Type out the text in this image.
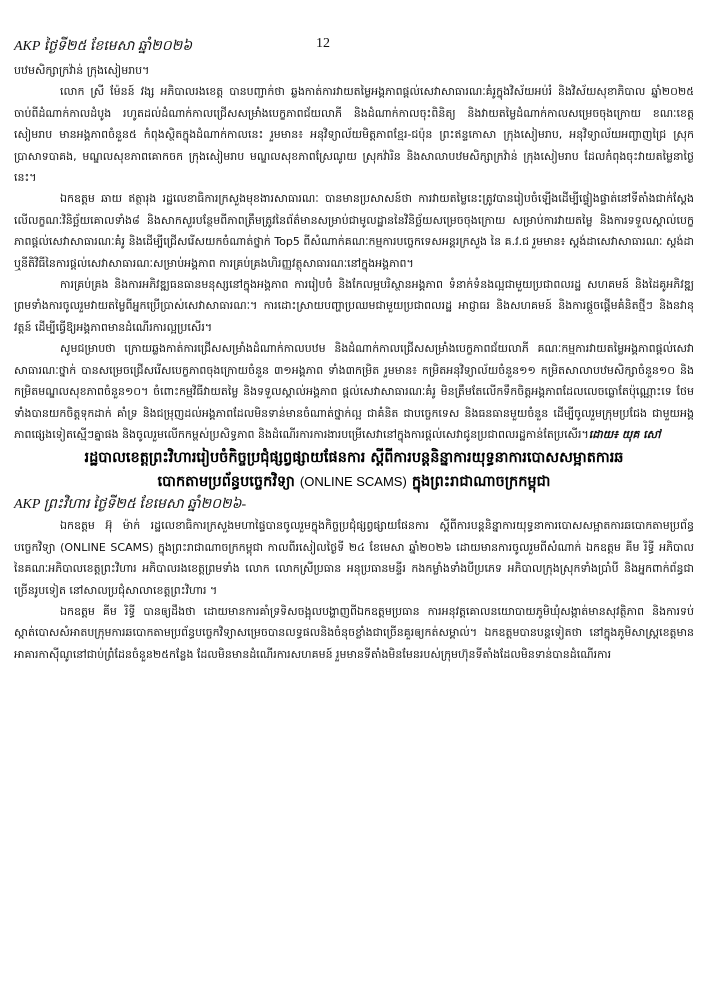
AKP ថ្ងៃទី២៥ ខែមេសា ឆ្នាំ២០២៦	12

បឋមសិក្សាក្រវ៉ាន់ ក្រុងសៀមរាប។

លោក ស្រី ម៉ែនន៍ វង្ស អភិបាលរងខេត្ត បានបញ្ជាក់ថា ឆ្លងកាត់ការវាយតម្លៃអង្គភាពផ្តល់សេវាសាធារណៈគំរូក្នុងវិស័យអប់រំ និងវិស័យសុខាភិបាល ឆ្នាំ២០២៥ ចាប់ពីដំណាក់កាលដំបូង រហូតដល់ដំណាក់កាលជ្រើសសម្រាំងបេក្ខភាពជ័យលាភី និងដំណាក់កាលចុះពិនិត្យ និងវាយតម្លៃដំណាក់កាលសម្រេចចុងក្រោយ ខណៈខេត្តសៀមរាប មានអង្គភាពចំនួន៥ កំពុងស្ថិតក្នុងដំណាក់កាលនេះ រួមមាន៖ អនុវិទ្យាល័យមិត្តភាពខ្មែរ-ជប៉ុន ព្រះឥន្ទកោសា ក្រុងសៀមរាប, អនុវិទ្យាល័យអញ្ចាញជ្រៃ ស្រុកប្រាសាទបាគង, មណ្ឌលសុខភាពគោកចក ក្រុងសៀមរាប មណ្ឌលសុខភាពស្រែណូយ ស្រុកវ៉ារិន និងសាលាបឋមសិក្សាក្រវ៉ាន់ ក្រុងសៀមរាប ដែលកំពុងចុះវាយតម្លៃនាថ្ងៃនេះ។

ឯកឧត្តម ឆាយ ឥត្ថារុង រដ្ឋលេខាធិការក្រសួងមុខងារសាធារណៈ បានមានប្រសាសន៍ថា ការវាយតម្លៃនេះត្រូវបានរៀបចំឡើងដើម្បីផ្ទៀងផ្ទាត់នៅទីតាំងជាក់ស្តែង លើលក្ខណៈវិនិច្ឆ័យគោលទាំង៨ និងសាកសួរបន្ថែមពីភាពត្រឹមត្រូវនៃព័ត៌មានសម្រាប់ជាមូលដ្ឋាននៃវិនិច្ឆ័យសម្រេចចុងក្រោយ សម្រាប់ការវាយតម្លៃ និងការទទួលស្គាល់បេក្ខភាពផ្តល់សេវាសាធារណៈគំរូ និងដើម្បីជ្រើសរើសយកចំណាត់ថ្នាក់ Top5 ពីសំណាក់គណៈកម្មការបច្ចេកទេសអន្តរក្រសួង នៃ គ.វ.ជ រួមមាន៖ ស្តង់ដាសេវាសាធារណៈ ស្តង់ដា ឬនីតិវិធីនៃការផ្តល់សេវាសាធារណៈសម្រាប់អង្គភាព ការគ្រប់គ្រងហិរញ្ញវត្ថុសាធារណៈនៅក្នុងអង្គភាព។

ការគ្រប់គ្រង និងការអភិវឌ្ឍធនធានមនុស្សនៅក្នុងអង្គភាព ការរៀបចំ និងកែលម្អបរិស្ថានអង្គភាព ទំនាក់ទំនងល្អជាមួយប្រជាពលរដ្ឋ សហគមន៍ និងដៃគូអភិវឌ្ឍ ព្រមទាំងការចូលរួមវាយតម្លៃពីអ្នកប្រើប្រាស់សេវាសាធារណៈ។ ការដោះស្រាយបញ្ហាប្រឈមជាមួយប្រជាពលរដ្ឋ អាជ្ញាធរ និងសហគមន៍ និងការផ្តួចផ្តើមគំនិតថ្មីៗ និងនវានុវត្តន៍ ដើម្បីធ្វើឱ្យអង្គភាពមានដំណើរការល្អប្រសើរ។

សូមជម្រាបថា ក្រោយឆ្លងកាត់ការជ្រើសសម្រាំងដំណាក់កាលបឋម និងដំណាក់កាលជ្រើសសម្រាំងបេក្ខភាពជ័យលាភី គណៈកម្មការវាយតម្លៃអង្គភាពផ្តល់សេវាសាធារណៈថ្នាក់ បានសម្រេចជ្រើសរើសបេក្ខភាពចុងក្រោយចំនួន ៣១អង្គភាព ទាំង៣កម្រិត រួមមាន៖ កម្រិតអនុវិទ្យាល័យចំនួន១១ កម្រិតសាលាបឋមសិក្សាចំនួន១០ និងកម្រិតមណ្ឌលសុខភាពចំនួន១០។ ចំពោះកម្មវិធីវាយតម្លៃ និងទទួលស្គាល់អង្គភាព ផ្តល់សេវាសាធារណៈគំរូ មិនត្រឹមតែលើកទឹកចិត្តអង្គភាពដែលលេចធ្លោតែប៉ុណ្ណោះទេ ថែមទាំងបានយកចិត្តទុកដាក់ គាំទ្រ និងជម្រុញដល់អង្គភាពដែលមិនទាន់មានចំណាត់ថ្នាក់ល្អ ជាគំនិត ជាបច្ចេកទេស និងធនធានមួយចំនួន ដើម្បីចូលរួមក្រុមប្រជែង ជាមួយអង្គភាពផ្សេងទៀតស្មើៗគ្នាផង និងចូលរួមលើកកម្ពស់ប្រសិទ្ធភាព និងដំណើរការការងារបម្រើសេវានៅក្នុងការផ្តល់សេវាជូនប្រជាពលរដ្ឋកាន់តែប្រសើរ។ដោយ៖ យុគ សៅ

រដ្ឋបាលខេត្តព្រះវិហាររៀបចំកិច្ចប្រជុំផ្សព្វផ្សាយផែនការ ស្តីពីការបន្តនិន្នាការយុទ្ធនាការបោសសម្អាតការឆ
បោកតាមប្រព័ន្ធបច្ចេកវិទ្យា (ONLINE SCAMS) ក្នុងព្រះរាជាណាចក្រកម្ពុជា

AKP ព្រះវិហារ ថ្ងៃទី២៥ ខែមេសា ឆ្នាំ២០២៦-

ឯកឧត្តម អ៊ុ ម៉ាក់ រដ្ឋលេខាធិការក្រសួងមហាផ្ទៃបានចូលរួមក្នុងកិច្ចប្រជុំផ្សព្វផ្សាយផែនការ ស្តីពីការបន្តនិន្នាការយុទ្ធនាការបោសសម្អាតការឆបោកតាមប្រព័ន្ធបច្ចេកវិទ្យា (ONLINE SCAMS) ក្នុងព្រះរាជាណាចក្រកម្ពុជា កាលពីរសៀលថ្ងៃទី ២៤ ខែមេសា ឆ្នាំ២០២៦ ដោយមានការចូលរួមពីសំណាក់ ឯកឧត្តម គីម រិទ្ធី អភិបាលនៃគណៈអភិបាលខេត្តព្រះវិហារ អភិបាលរងខេត្តព្រមទាំង លោក លោកស្រីប្រធាន អនុប្រធានមន្ទីរ កងកម្លាំងទាំងបីប្រភេទ អភិបាលក្រុងស្រុកទាំងប្រាំបី និងអ្នកពាក់ព័ន្ធជាច្រើនរូបទៀត នៅសាលប្រជុំសាលាខេត្តព្រះវិហារ ។

ឯកឧត្តម គីម រិទ្ធី បានឲ្យដឹងថា ដោយមានការគាំទ្រទិសចង្អុលបង្ហាញពីឯកឧត្តមប្រធាន ការអនុវត្តគោលនយោបាយភូមិឃុំសង្កាត់មានសុវត្ថិភាព និងការទប់ស្កាត់បោសសំអាតបក្រុមការឆបោកតាមប្រព័ន្ធបច្ចេកវិទ្យាសម្រេចបានលទ្ធផលនិងចំនុចខ្លាំងជាច្រើនគួរឲ្យកត់សម្គាល់។ ឯកឧត្តមបានបន្តទៀតថា នៅក្នុងភូមិសាស្ត្រខេត្តមានអាគារកាស៊ីណូនៅជាប់ព្រំដែនចំនួន២៥កន្លែង ដែលមិនមានដំណើរការសហគមន៍ រួមមានទីតាំងមិនមែនរបស់ក្រុមហ៊ុនទីតាំងដែលមិនទាន់បានដំណើរការ
